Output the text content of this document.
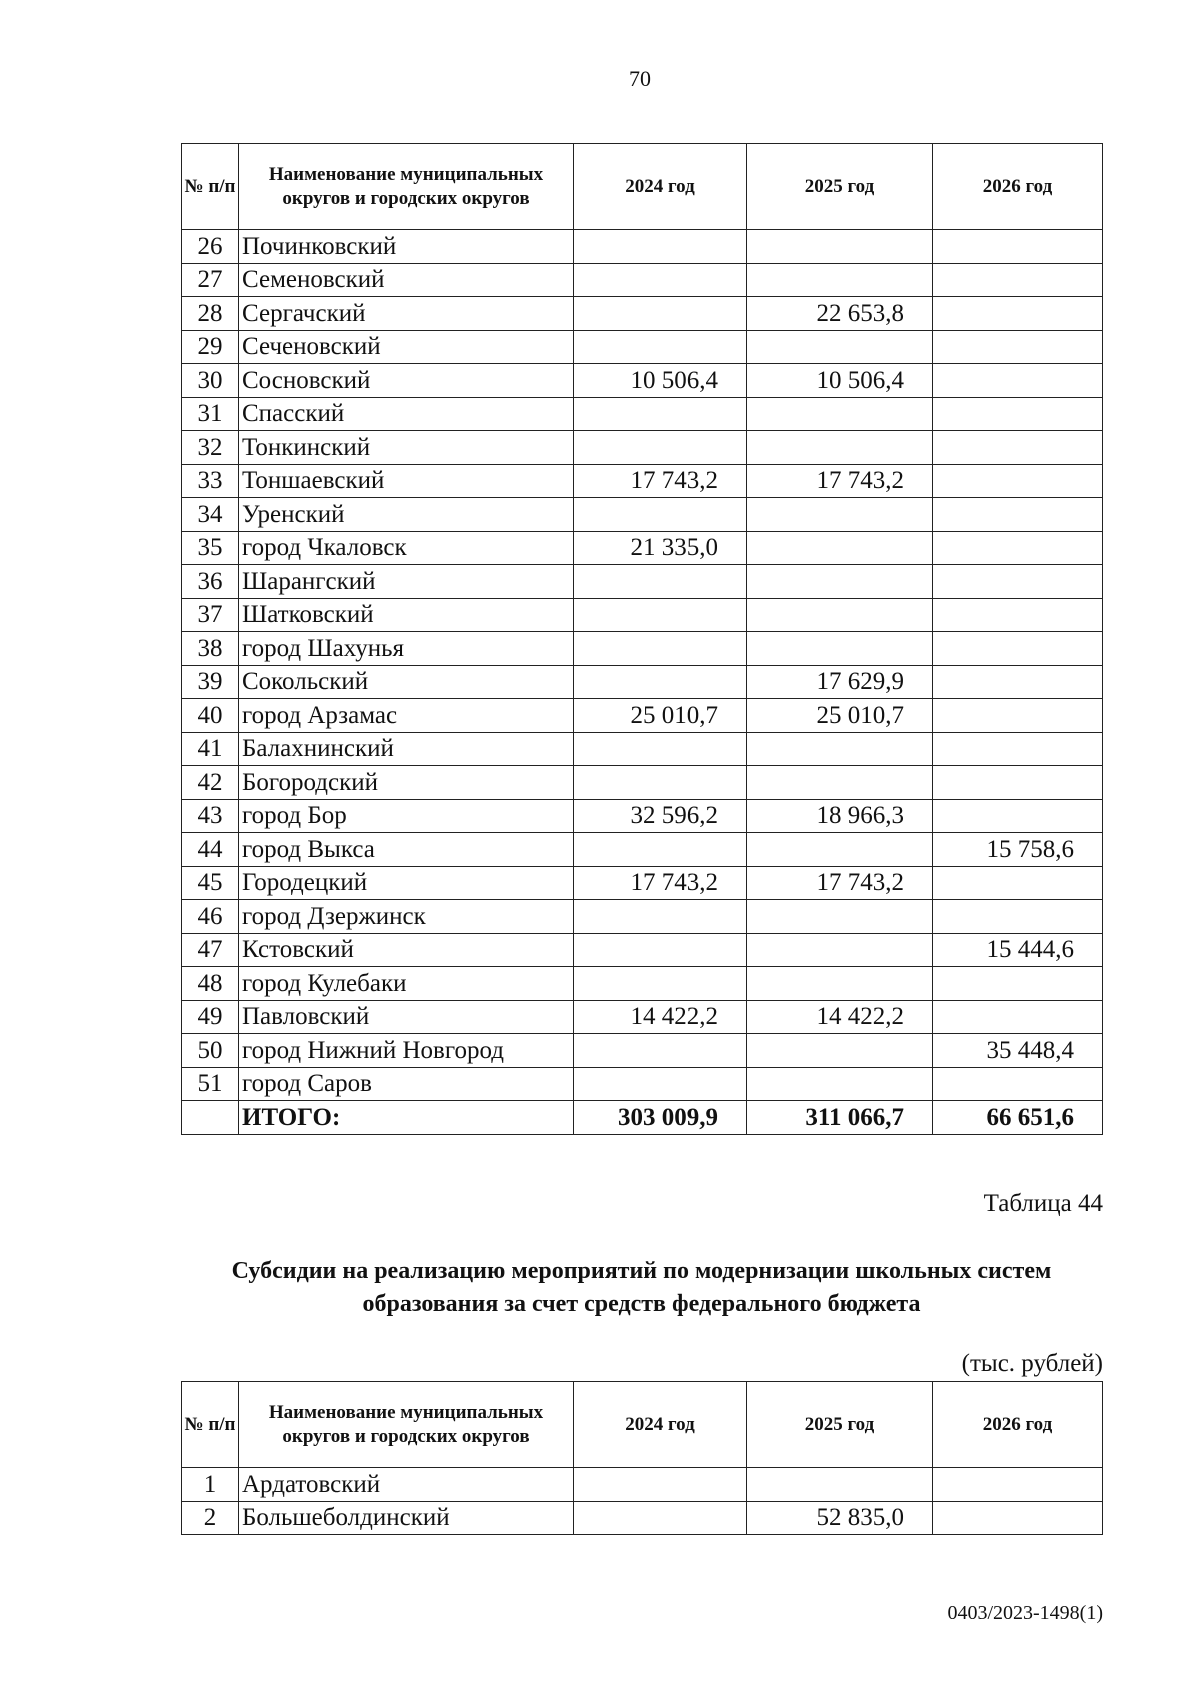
70
№ п/п	Наименование муниципальных округов и городских округов	2024 год	2025 год	2026 год
26	Починковский			
27	Семеновский			
28	Сергачский		22 653,8	
29	Сеченовский			
30	Сосновский	10 506,4	10 506,4	
31	Спасский			
32	Тонкинский			
33	Тоншаевский	17 743,2	17 743,2	
34	Уренский			
35	город Чкаловск	21 335,0		
36	Шарангский			
37	Шатковский			
38	город Шахунья			
39	Сокольский		17 629,9	
40	город Арзамас	25 010,7	25 010,7	
41	Балахнинский			
42	Богородский			
43	город Бор	32 596,2	18 966,3	
44	город Выкса			15 758,6
45	Городецкий	17 743,2	17 743,2	
46	город Дзержинск			
47	Кстовский			15 444,6
48	город Кулебаки			
49	Павловский	14 422,2	14 422,2	
50	город Нижний Новгород			35 448,4
51	город Саров			
	ИТОГО:	303 009,9	311 066,7	66 651,6
Таблица 44
Субсидии на реализацию мероприятий по модернизации школьных систем образования за счет средств федерального бюджета
(тыс. рублей)
№ п/п	Наименование муниципальных округов и городских округов	2024 год	2025 год	2026 год
1	Ардатовский			
2	Большеболдинский		52 835,0	
0403/2023-1498(1)
